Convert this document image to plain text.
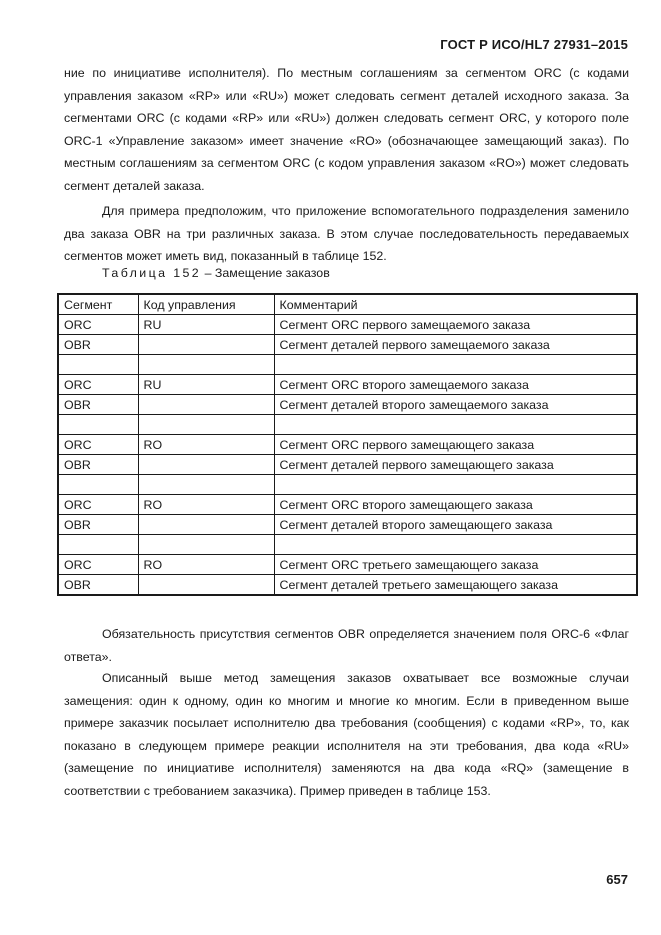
ГОСТ Р ИСО/HL7 27931–2015

ние по инициативе исполнителя). По местным соглашениям за сегментом ORC (с кодами управления заказом «RP» или «RU») может следовать сегмент деталей исходного заказа. За сегментами ORC (с кодами «RP» или «RU») должен следовать сегмент ORC, у которого поле ORC-1 «Управление заказом» имеет значение «RO» (обозначающее замещающий заказ). По местным соглашениям за сегментом ORC (с кодом управления заказом «RO») может следовать сегмент деталей заказа.

Для примера предположим, что приложение вспомогательного подразделения заменило два заказа OBR на три различных заказа. В этом случае последовательность передаваемых сегментов может иметь вид, показанный в таблице 152.

Таблица 152 – Замещение заказов
Сегмент	Код управления	Комментарий
ORC	RU	Сегмент ORC первого замещаемого заказа
OBR		Сегмент деталей первого замещаемого заказа

ORC	RU	Сегмент ORC второго замещаемого заказа
OBR		Сегмент деталей второго замещаемого заказа

ORC	RO	Сегмент ORC первого замещающего заказа
OBR		Сегмент деталей первого замещающего заказа

ORC	RO	Сегмент ORC второго замещающего заказа
OBR		Сегмент деталей второго замещающего заказа

ORC	RO	Сегмент ORC третьего замещающего заказа
OBR		Сегмент деталей третьего замещающего заказа

Обязательность присутствия сегментов OBR определяется значением поля ORC-6 «Флаг ответа».

Описанный выше метод замещения заказов охватывает все возможные случаи замещения: один к одному, один ко многим и многие ко многим. Если в приведенном выше примере заказчик посылает исполнителю два требования (сообщения) с кодами «RP», то, как показано в следующем примере реакции исполнителя на эти требования, два кода «RU» (замещение по инициативе исполнителя) заменяются на два кода «RQ» (замещение в соответствии с требованием заказчика). Пример приведен в таблице 153.

657
